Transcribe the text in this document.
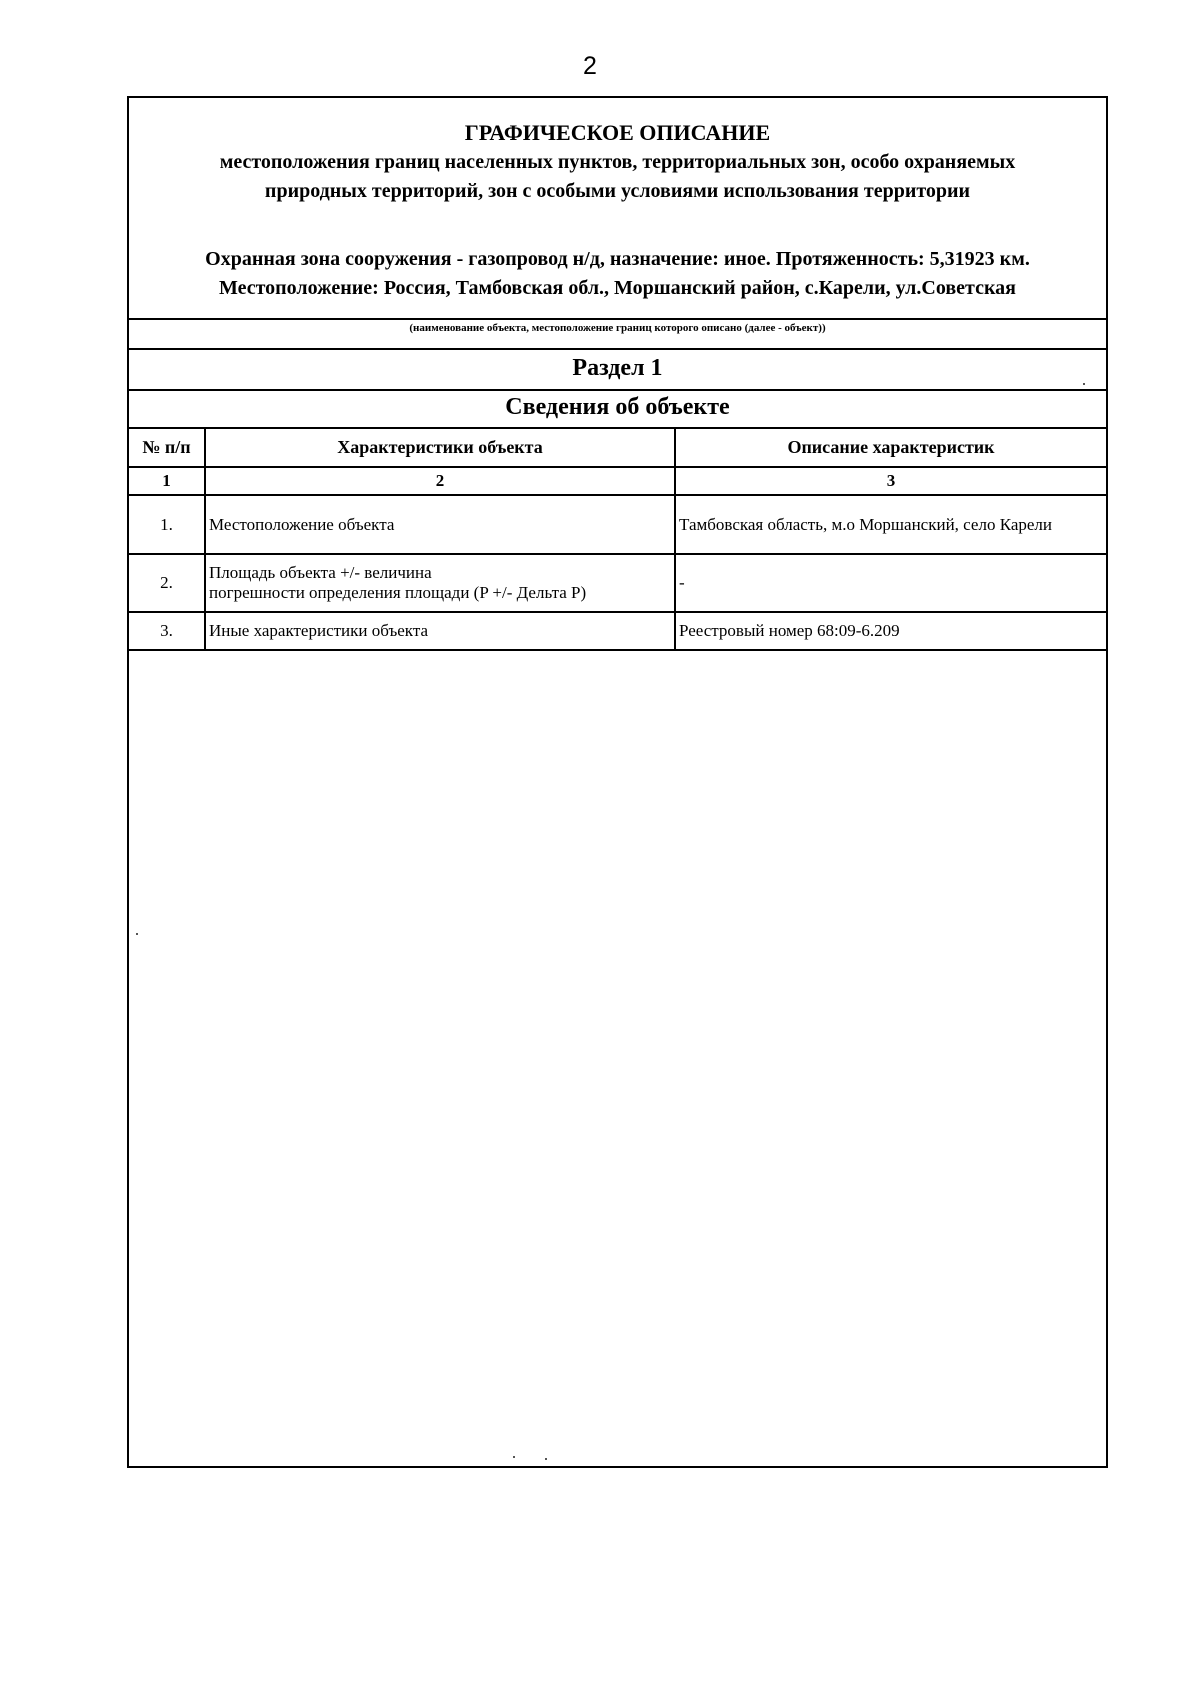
2
ГРАФИЧЕСКОЕ ОПИСАНИЕ
местоположения границ населенных пунктов, территориальных зон, особо охраняемых
природных территорий, зон с особыми условиями использования территории
Охранная зона сооружения - газопровод н/д, назначение: иное. Протяженность: 5,31923 км.
Местоположение: Россия, Тамбовская обл., Моршанский район, с.Карели, ул.Советская
(наименование объекта, местоположение границ которого описано (далее - объект))
Раздел 1
Сведения об объекте
№ п/п	Характеристики объекта	Описание характеристик
1	2	3
1.	Местоположение объекта	Тамбовская область, м.о Моршанский, село Карели
2.	Площадь объекта +/- величина
погрешности определения площади (P +/- Дельта P)	-
3.	Иные характеристики объекта	Реестровый номер 68:09-6.209
